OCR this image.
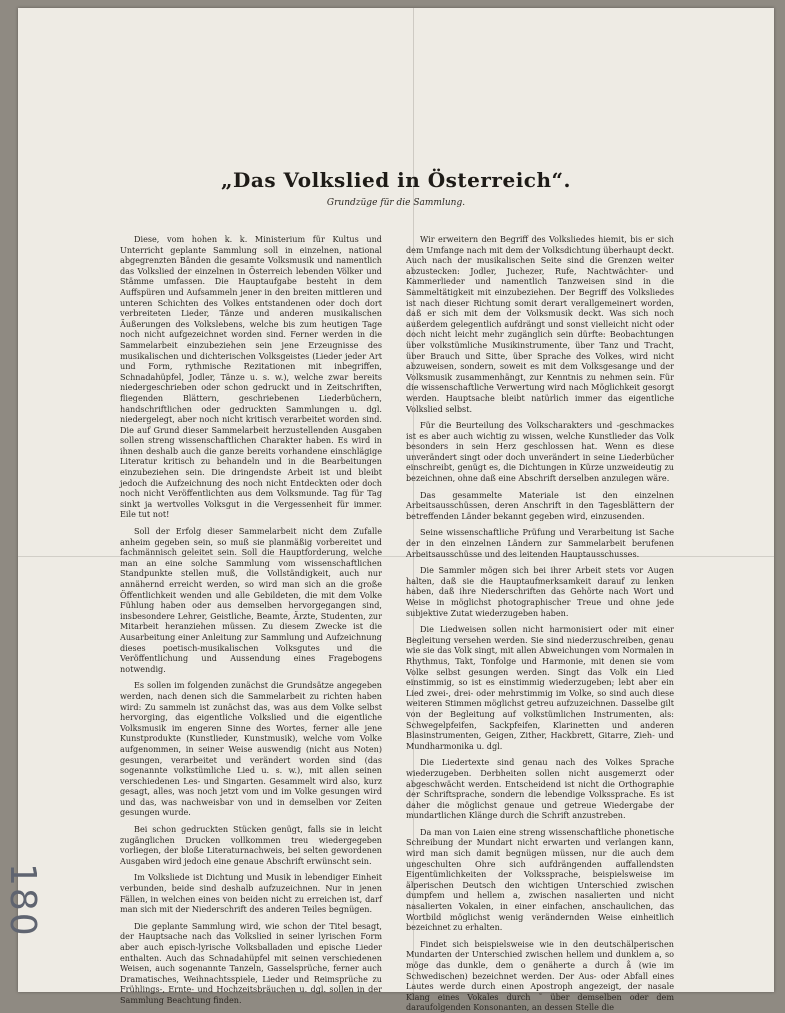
„Das Volkslied in Österreich“.
Grundzüge für die Sammlung.

Diese, vom hohen k. k. Ministerium für Kultus und Unterricht geplante Sammlung soll in einzelnen, national abgegrenzten Bänden die gesamte Volksmusik und namentlich das Volkslied der einzelnen in Österreich lebenden Völker und Stämme umfassen. Die Hauptaufgabe besteht in dem Auffspüren und Aufsammeln jener in den breiten mittleren und unteren Schichten des Volkes entstandenen oder doch dort verbreiteten Lieder, Tänze und anderen musikalischen Äußerungen des Volkslebens, welche bis zum heutigen Tage noch nicht aufgezeichnet worden sind. Ferner werden in die Sammelarbeit einzubeziehen sein jene Erzeugnisse des musikalischen und dichterischen Volksgeistes (Lieder jeder Art und Form, rythmische Rezitationen mit inbegriffen, Schnadahüpfel, Jodler, Tänze u. s. w.), welche zwar bereits niedergeschrieben oder schon gedruckt und in Zeitschriften, fliegenden Blättern, geschriebenen Liederbüchern, handschriftlichen oder gedruckten Sammlungen u. dgl. niedergelegt, aber noch nicht kritisch verarbeitet worden sind. Die auf Grund dieser Sammelarbeit herzustellenden Ausgaben sollen streng wissenschaftlichen Charakter haben. Es wird in ihnen deshalb auch die ganze bereits vorhandene einschlägige Literatur kritisch zu behandeln und in die Bearbeitungen einzubeziehen sein. Die dringendste Arbeit ist und bleibt jedoch die Aufzeichnung des noch nicht Entdeckten oder doch noch nicht Veröffentlichten aus dem Volksmunde. Tag für Tag sinkt ja wertvolles Volksgut in die Vergessenheit für immer. Eile tut not!

Soll der Erfolg dieser Sammelarbeit nicht dem Zufalle anheim gegeben sein, so muß sie planmäßig vorbereitet und fachmännisch geleitet sein. Soll die Hauptforderung, welche man an eine solche Sammlung vom wissenschaftlichen Standpunkte stellen muß, die Vollständigkeit, auch nur annähernd erreicht werden, so wird man sich an die große Öffentlichkeit wenden und alle Gebildeten, die mit dem Volke Fühlung haben oder aus demselben hervorgegangen sind, insbesondere Lehrer, Geistliche, Beamte, Ärzte, Studenten, zur Mitarbeit heranziehen müssen. Zu diesem Zwecke ist die Ausarbeitung einer Anleitung zur Sammlung und Aufzeichnung dieses poetisch-musikalischen Volksgutes und die Veröffentlichung und Aussendung eines Fragebogens notwendig.

Es sollen im folgenden zunächst die Grundsätze angegeben werden, nach denen sich die Sammelarbeit zu richten haben wird: Zu sammeln ist zunächst das, was aus dem Volke selbst hervorging, das eigentliche Volkslied und die eigentliche Volksmusik im engeren Sinne des Wortes, ferner alle jene Kunstprodukte (Kunstlieder, Kunstmusik), welche vom Volke aufgenommen, in seiner Weise auswendig (nicht aus Noten) gesungen, verarbeitet und verändert worden sind (das sogenannte volkstümliche Lied u. s. w.), mit allen seinen verschiedenen Les- und Singarten. Gesammelt wird also, kurz gesagt, alles, was noch jetzt vom und im Volke gesungen wird und das, was nachweisbar von und in demselben vor Zeiten gesungen wurde.

Bei schon gedruckten Stücken genügt, falls sie in leicht zugänglichen Drucken vollkommen treu wiedergegeben vorliegen, der bloße Literaturnachweis, bei selten gewordenen Ausgaben wird jedoch eine genaue Abschrift erwünscht sein.

Im Volksliede ist Dichtung und Musik in lebendiger Einheit verbunden, beide sind deshalb aufzuzeichnen. Nur in jenen Fällen, in welchen eines von beiden nicht zu erreichen ist, darf man sich mit der Niederschrift des anderen Teiles begnügen.

Die geplante Sammlung wird, wie schon der Titel besagt, der Hauptsache nach das Volkslied in seiner lyrischen Form aber auch episch-lyrische Volksballaden und epische Lieder enthalten. Auch das Schnadahüpfel mit seinen verschiedenen Weisen, auch sogenannte Tanzeln, Gasselsprüche, ferner auch Dramatisches, Weihnachtsspiele, Lieder und Reimsprüche zu Frühlings-, Ernte- und Hochzeitsbräuchen u. dgl. sollen in der Sammlung Beachtung finden.

Wir erweitern den Begriff des Volksliedes hiemit, bis er sich dem Umfange nach mit dem der Volksdichtung überhaupt deckt. Auch nach der musikalischen Seite sind die Grenzen weiter abzustecken: Jodler, Juchezer, Rufe, Nachtwächter- und Kammerlieder und namentlich Tanzweisen sind in die Sammeltätigkeit mit einzubeziehen. Der Begriff des Volksliedes ist nach dieser Richtung somit derart verallgemeinert worden, daß er sich mit dem der Volksmusik deckt. Was sich noch außerdem gelegentlich aufdrängt und sonst vielleicht nicht oder doch nicht leicht mehr zugänglich sein dürfte: Beobachtungen über volkstümliche Musikinstrumente, über Tanz und Tracht, über Brauch und Sitte, über Sprache des Volkes, wird nicht abzuweisen, sondern, soweit es mit dem Volksgesange und der Volksmusik zusammenhängt, zur Kenntnis zu nehmen sein. Für die wissenschaftliche Verwertung wird nach Möglichkeit gesorgt werden. Hauptsache bleibt natürlich immer das eigentliche Volkslied selbst.

Für die Beurteilung des Volkscharakters und -geschmackes ist es aber auch wichtig zu wissen, welche Kunstlieder das Volk besonders in sein Herz geschlossen hat. Wenn es diese unverändert singt oder doch unverändert in seine Liederbücher einschreibt, genügt es, die Dichtungen in Kürze unzweideutig zu bezeichnen, ohne daß eine Abschrift derselben anzulegen wäre.

Das gesammelte Materiale ist den einzelnen Arbeitsausschüssen, deren Anschrift in den Tagesblättern der betreffenden Länder bekannt gegeben wird, einzusenden.

Seine wissenschaftliche Prüfung und Verarbeitung ist Sache der in den einzelnen Ländern zur Sammelarbeit berufenen Arbeitsausschüsse und des leitenden Hauptausschusses.

Die Sammler mögen sich bei ihrer Arbeit stets vor Augen halten, daß sie die Hauptaufmerksamkeit darauf zu lenken haben, daß ihre Niederschriften das Gehörte nach Wort und Weise in möglichst photographischer Treue und ohne jede subjektive Zutat wiederzugeben haben.

Die Liedweisen sollen nicht harmonisiert oder mit einer Begleitung versehen werden. Sie sind niederzuschreiben, genau wie sie das Volk singt, mit allen Abweichungen vom Normalen in Rhythmus, Takt, Tonfolge und Harmonie, mit denen sie vom Volke selbst gesungen werden. Singt das Volk ein Lied einstimmig, so ist es einstimmig wiederzugeben; lebt aber ein Lied zwei-, drei- oder mehrstimmig im Volke, so sind auch diese weiteren Stimmen möglichst getreu aufzuzeichnen. Dasselbe gilt von der Begleitung auf volkstümlichen Instrumenten, als: Schwegelpfeifen, Sackpfeifen, Klarinetten und anderen Blasinstrumenten, Geigen, Zither, Hackbrett, Gitarre, Zieh- und Mundharmonika u. dgl.

Die Liedertexte sind genau nach des Volkes Sprache wiederzugeben. Derbheiten sollen nicht ausgemerzt oder abgeschwächt werden. Entscheidend ist nicht die Orthographie der Schriftsprache, sondern die lebendige Volkssprache. Es ist daher die möglichst genaue und getreue Wiedergabe der mundartlichen Klänge durch die Schrift anzustreben.

Da man von Laien eine streng wissenschaftliche phonetische Schreibung der Mundart nicht erwarten und verlangen kann, wird man sich damit begnügen müssen, nur die auch dem ungeschulten Ohre sich aufdrängenden auffallendsten Eigentümlichkeiten der Volkssprache, beispielsweise im älperischen Deutsch den wichtigen Unterschied zwischen dumpfem und hellem a, zwischen nasalierten und nicht nasalierten Vokalen, in einer einfachen, anschaulichen, das Wortbild möglichst wenig verändernden Weise einheitlich bezeichnet zu erhalten.

Findet sich beispielsweise wie in den deutschälperischen Mundarten der Unterschied zwischen hellem und dunklem a, so möge das dunkle, dem o genäherte a durch å (wie im Schwedischen) bezeichnet werden. Der Aus- oder Abfall eines Lautes werde durch einen Apostroph angezeigt, der nasale Klang eines Vokales durch ˜ über demselben oder dem daraufolgenden Konsonanten, an dessen Stelle die

180
